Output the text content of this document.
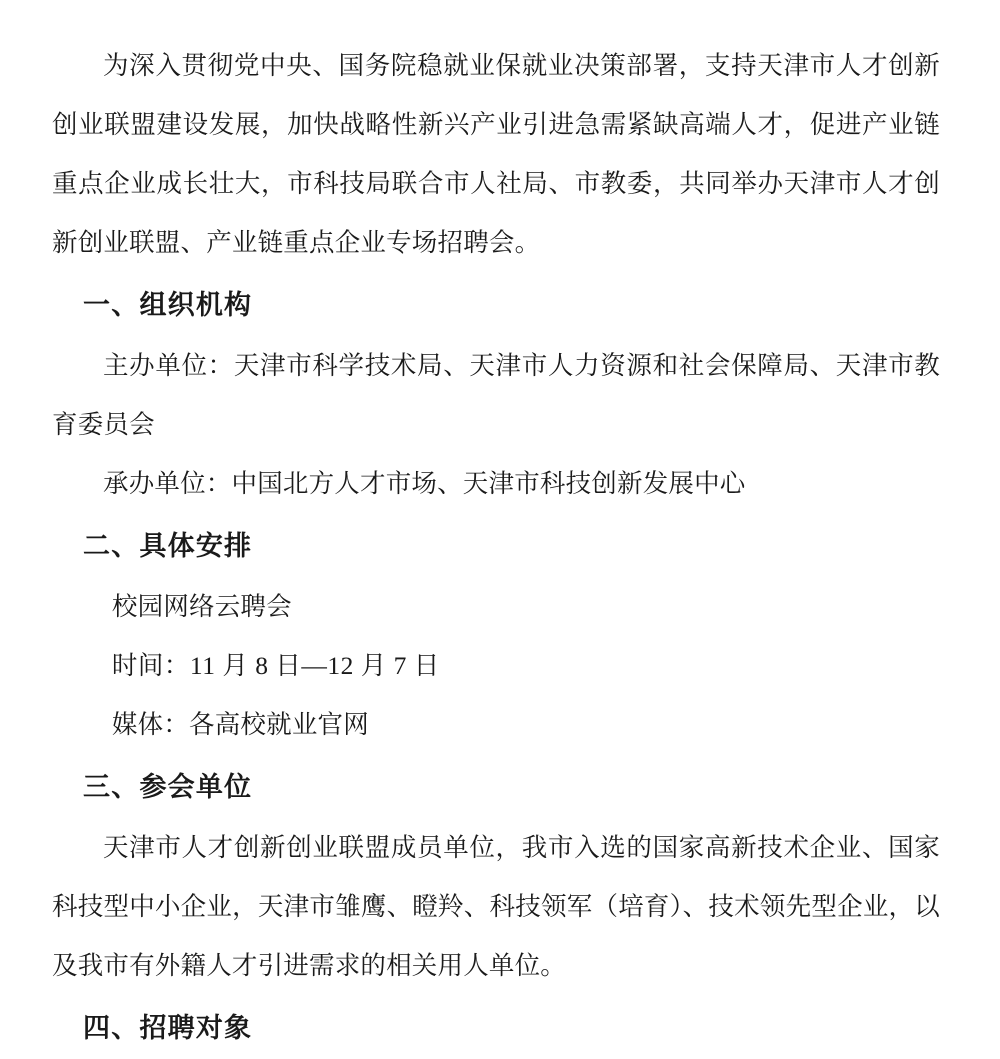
为深入贯彻党中央、国务院稳就业保就业决策部署，支持天津市人才创新创业联盟建设发展，加快战略性新兴产业引进急需紧缺高端人才，促进产业链重点企业成长壮大，市科技局联合市人社局、市教委，共同举办天津市人才创新创业联盟、产业链重点企业专场招聘会。

一、组织机构

主办单位：天津市科学技术局、天津市人力资源和社会保障局、天津市教育委员会

承办单位：中国北方人才市场、天津市科技创新发展中心

二、具体安排

校园网络云聘会

时间：11 月 8 日—12 月 7 日

媒体：各高校就业官网

三、参会单位

天津市人才创新创业联盟成员单位，我市入选的国家高新技术企业、国家科技型中小企业，天津市雏鹰、瞪羚、科技领军（培育）、技术领先型企业，以及我市有外籍人才引进需求的相关用人单位。

四、招聘对象
